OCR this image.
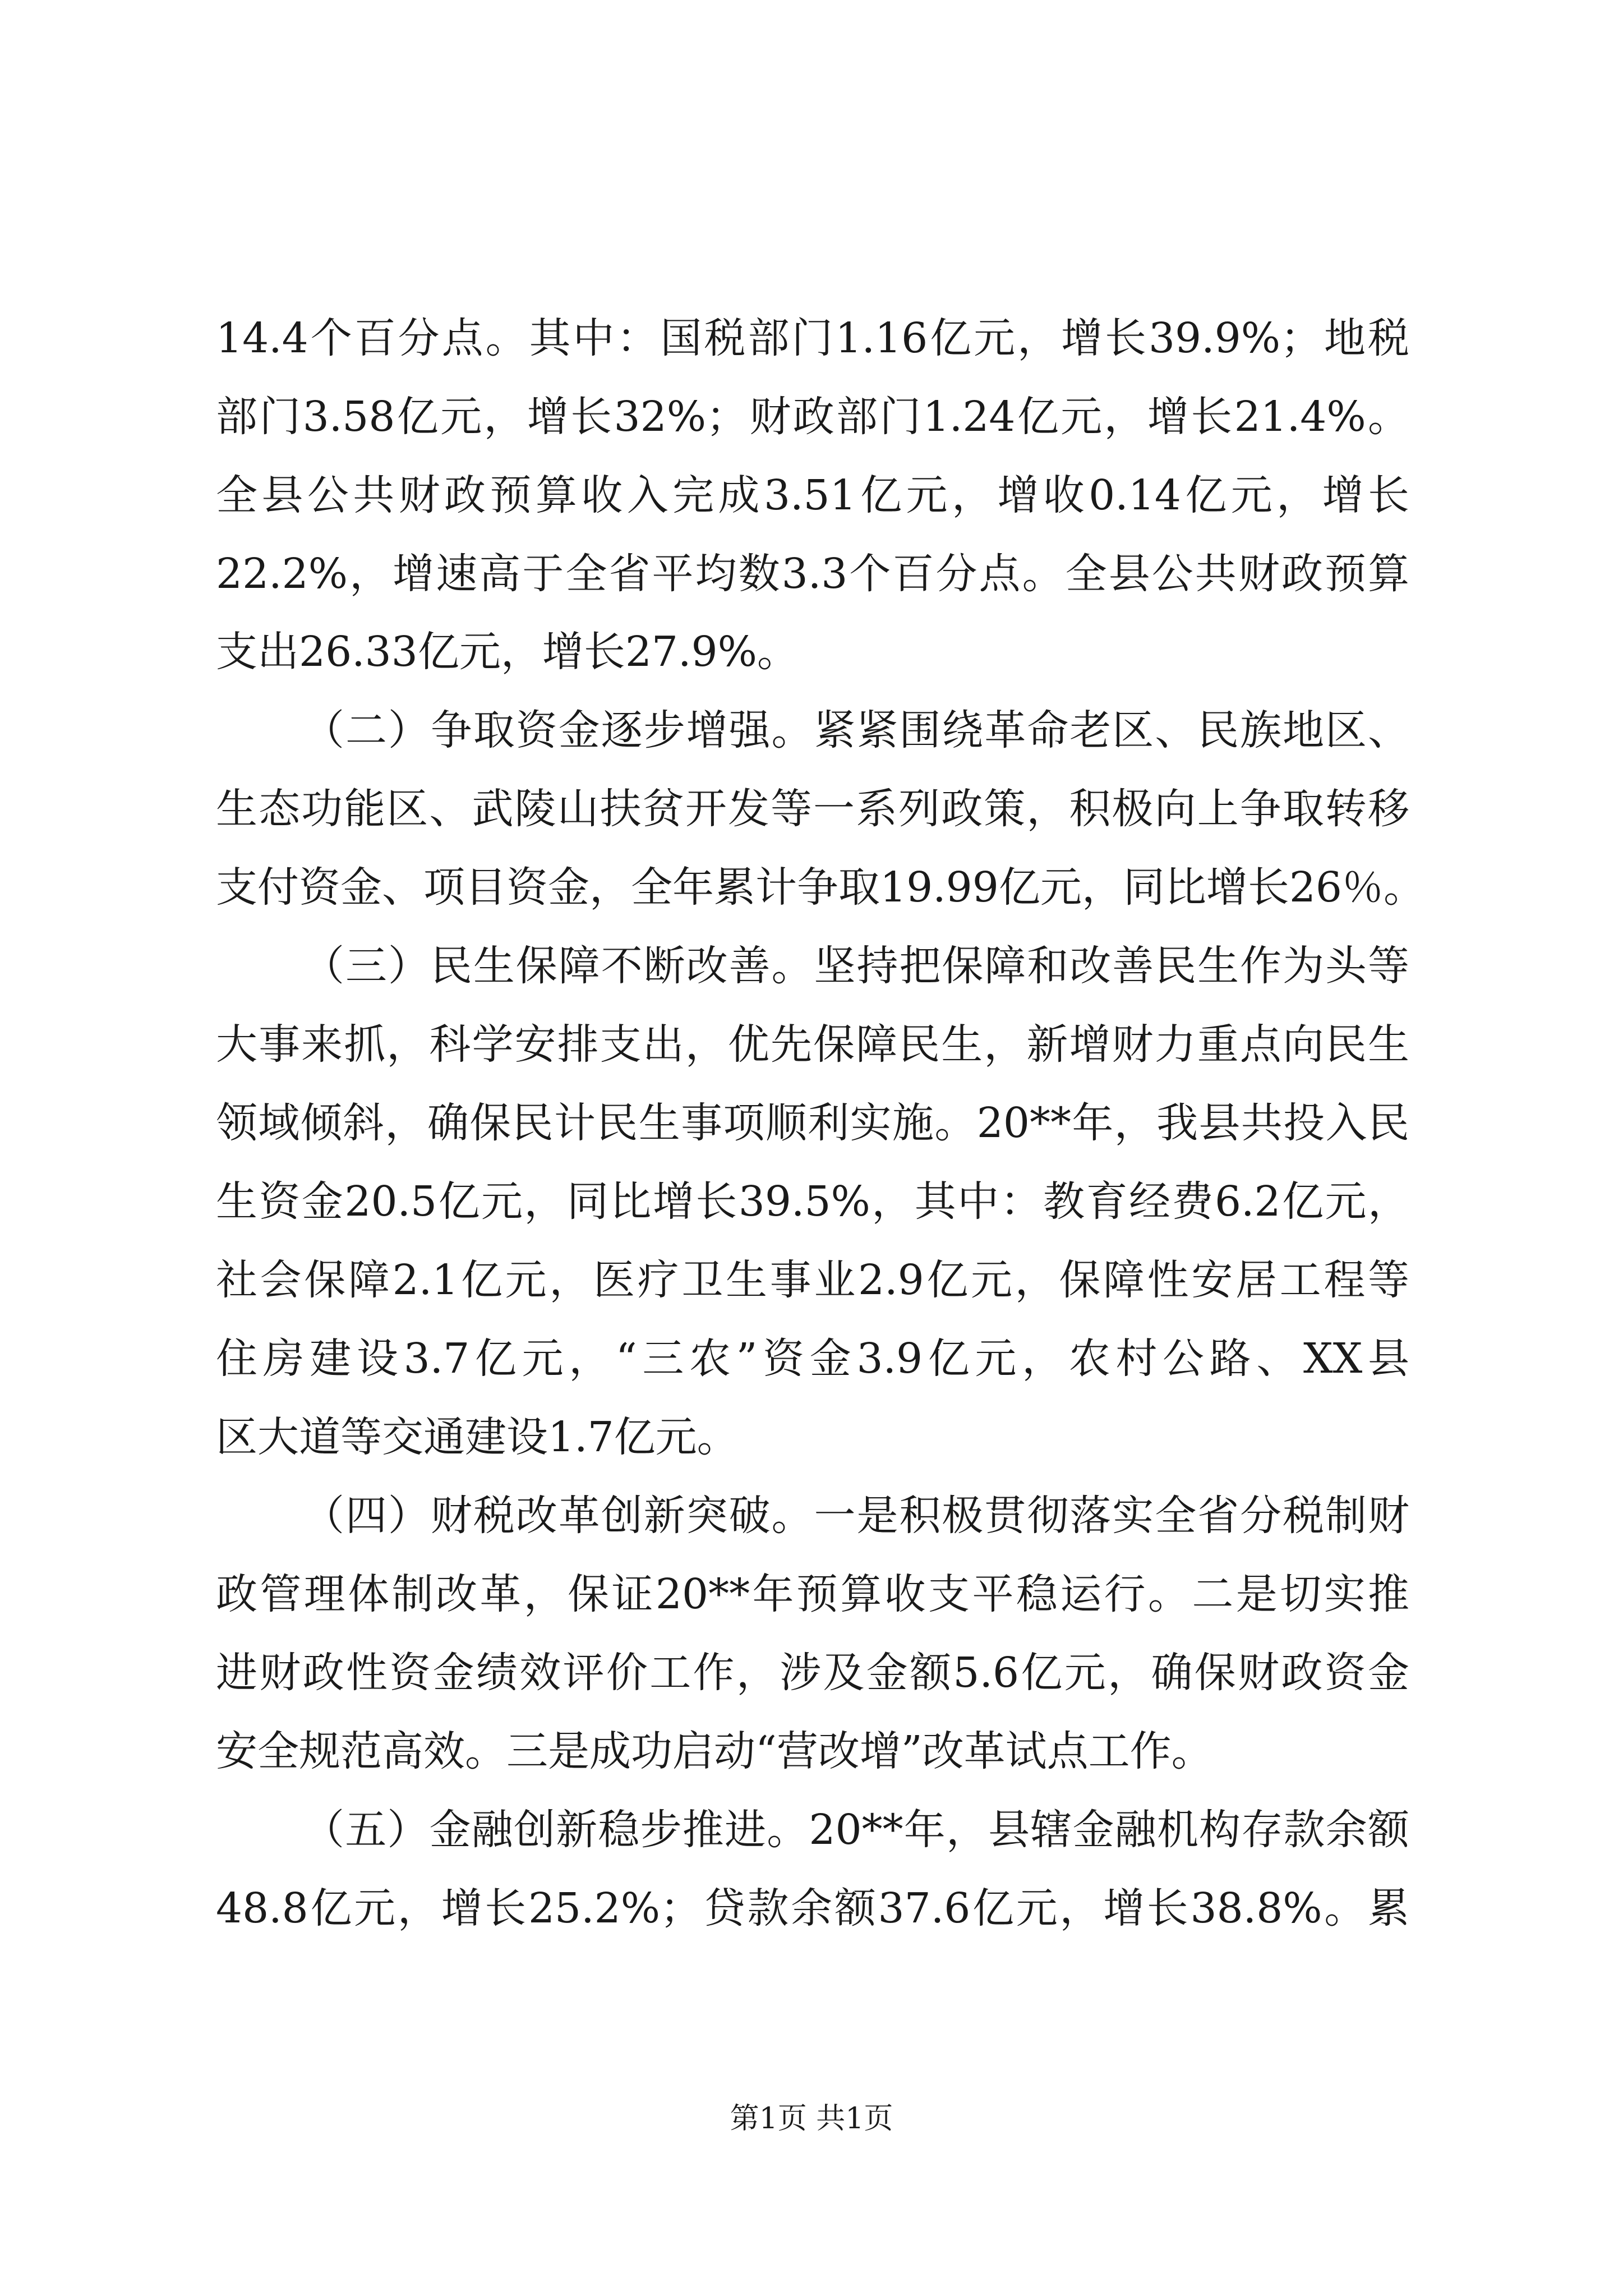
14.4个百分点。其中：国税部门1.16亿元，增长39.9%；地税
部门3.58亿元，增长32%；财政部门1.24亿元，增长21.4%。
全县公共财政预算收入完成3.51亿元，增收0.14亿元，增长
22.2%，增速高于全省平均数3.3个百分点。全县公共财政预算
支出26.33亿元，增长27.9%。
（二）争取资金逐步增强。紧紧围绕革命老区、民族地区、
生态功能区、武陵山扶贫开发等一系列政策，积极向上争取转移
支付资金、项目资金，全年累计争取19.99亿元，同比增长26％。
（三）民生保障不断改善。坚持把保障和改善民生作为头等
大事来抓，科学安排支出，优先保障民生，新增财力重点向民生
领域倾斜，确保民计民生事项顺利实施。20**年，我县共投入民
生资金20.5亿元，同比增长39.5%，其中：教育经费6.2亿元，
社会保障2.1亿元，医疗卫生事业2.9亿元，保障性安居工程等
住房建设3.7亿元，“三农”资金3.9亿元，农村公路、XX县
区大道等交通建设1.7亿元。
（四）财税改革创新突破。一是积极贯彻落实全省分税制财
政管理体制改革，保证20**年预算收支平稳运行。二是切实推
进财政性资金绩效评价工作，涉及金额5.6亿元，确保财政资金
安全规范高效。三是成功启动“营改增”改革试点工作。
（五）金融创新稳步推进。20**年，县辖金融机构存款余额
48.8亿元，增长25.2%；贷款余额37.6亿元，增长38.8%。累
第1页 共1页
